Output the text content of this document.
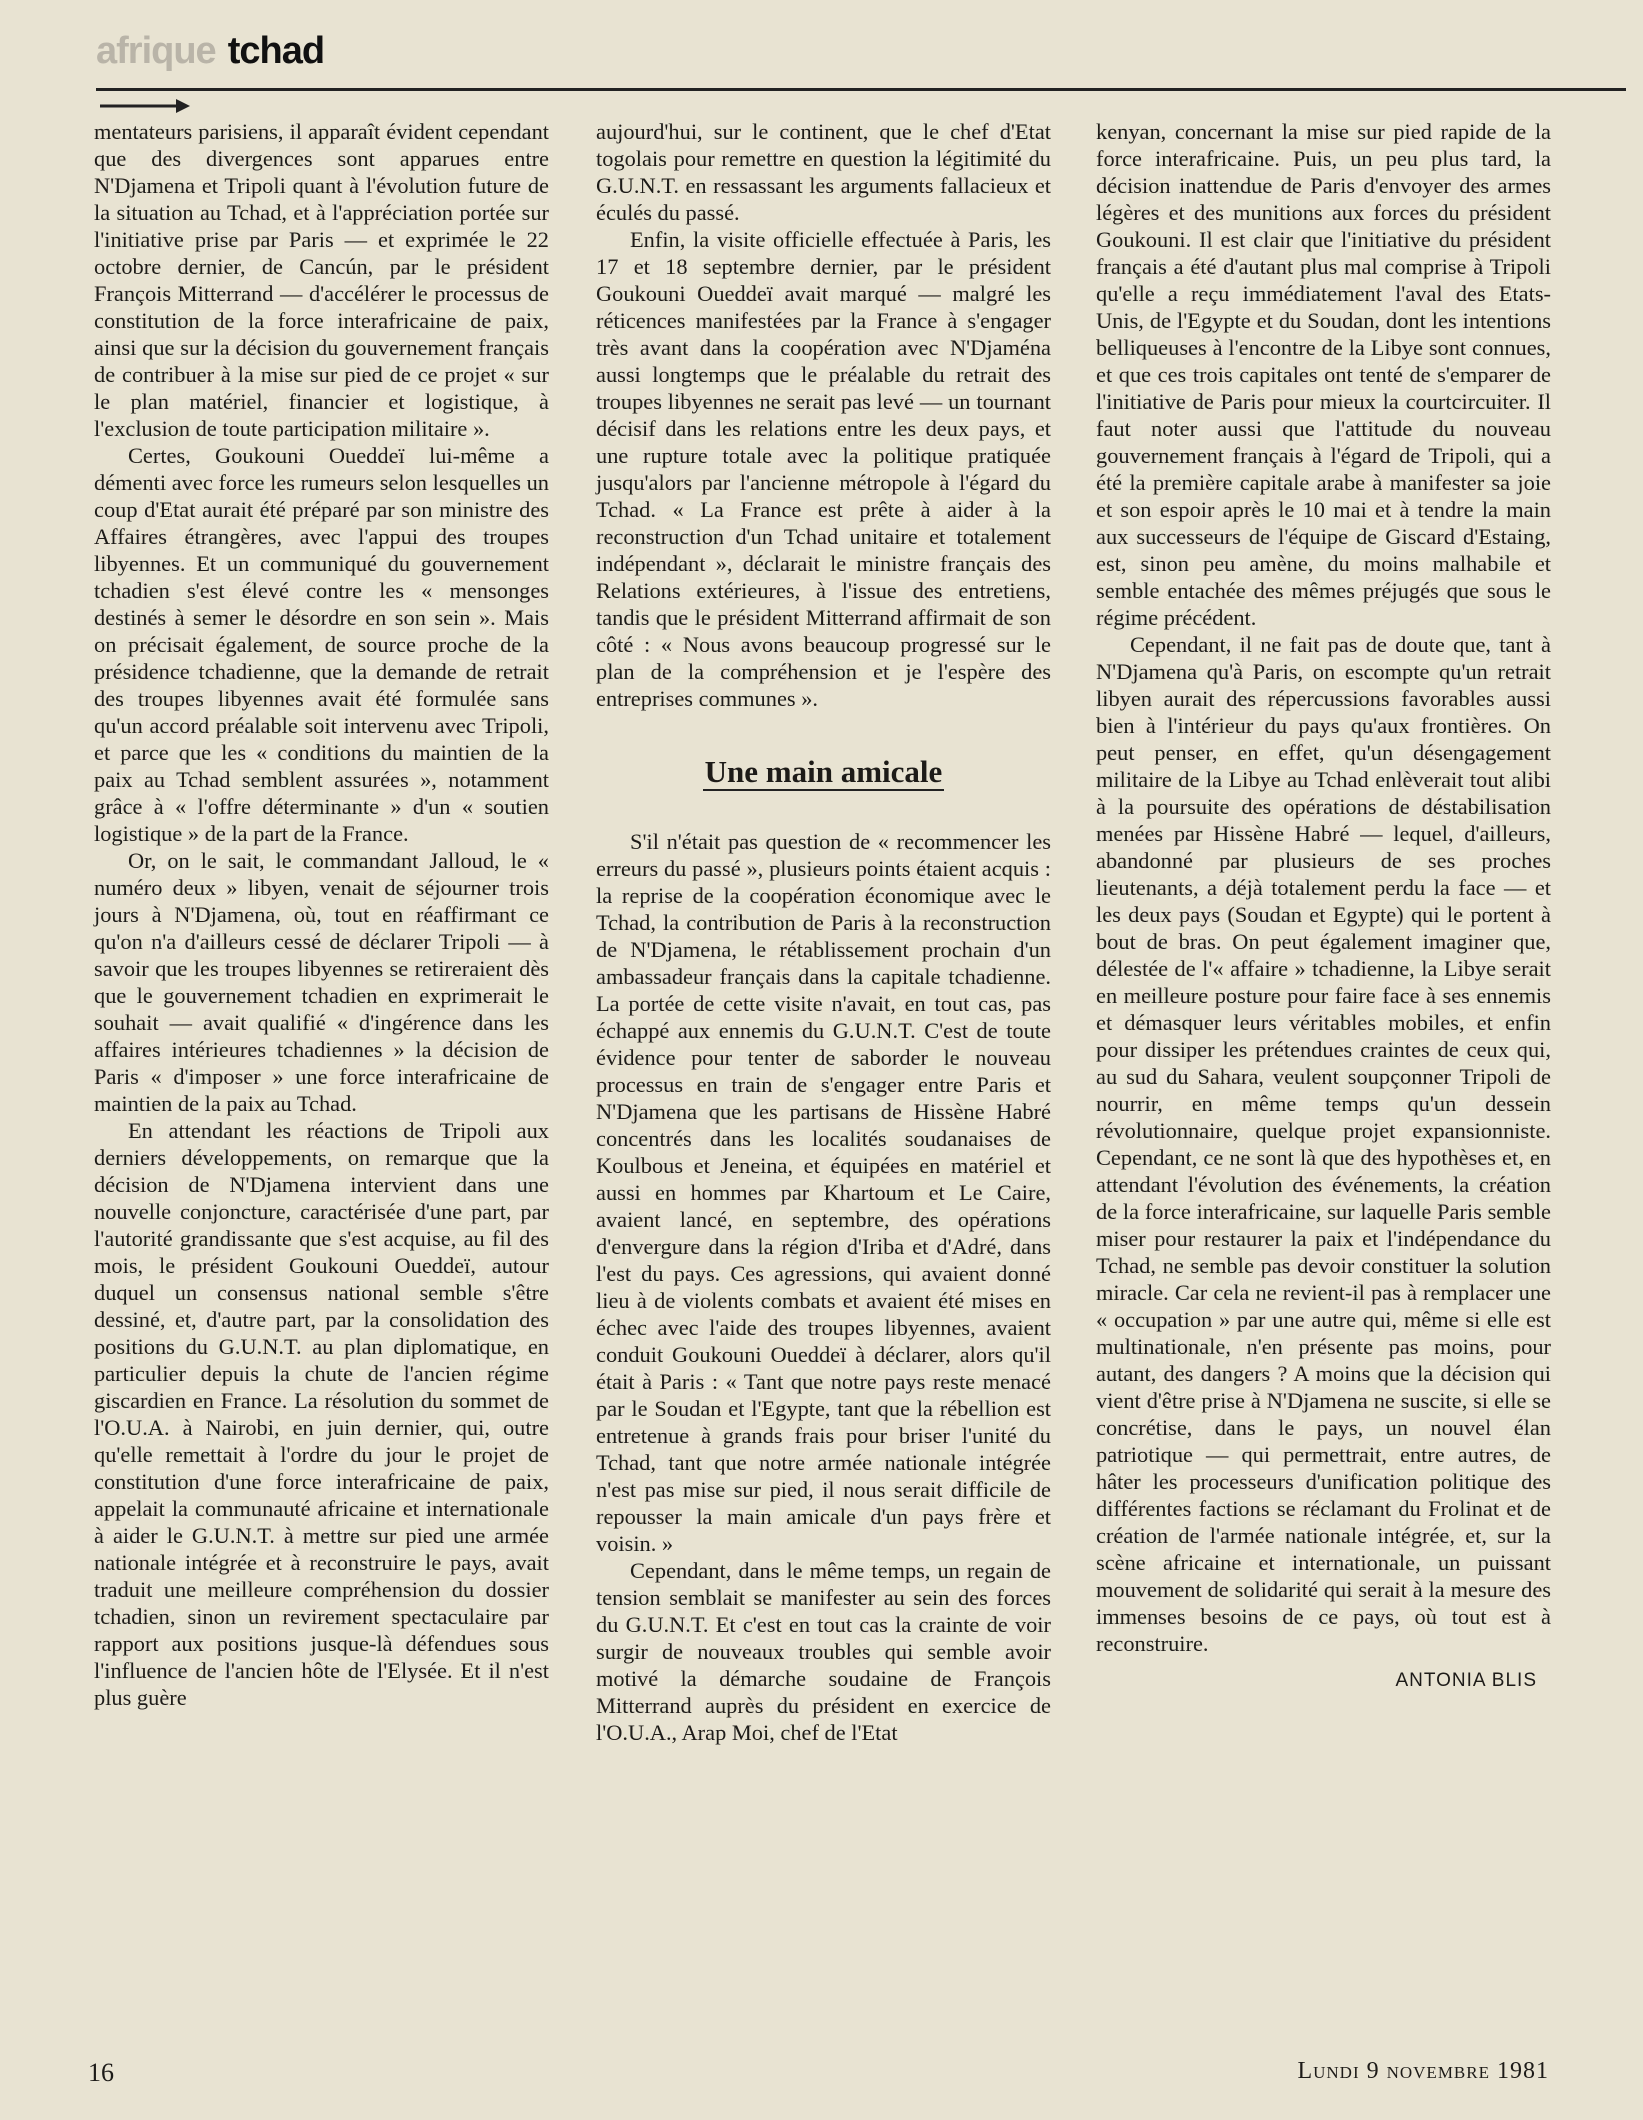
afrique tchad

mentateurs parisiens, il apparaît évident cependant que des divergences sont apparues entre N'Djamena et Tripoli quant à l'évolution future de la situation au Tchad, et à l'appréciation portée sur l'initiative prise par Paris — et exprimée le 22 octobre dernier, de Cancún, par le président François Mitterrand — d'accélérer le processus de constitution de la force interafricaine de paix, ainsi que sur la décision du gouvernement français de contribuer à la mise sur pied de ce projet « sur le plan matériel, financier et logistique, à l'exclusion de toute participation militaire ».

Certes, Goukouni Oueddeï lui-même a démenti avec force les rumeurs selon lesquelles un coup d'Etat aurait été préparé par son ministre des Affaires étrangères, avec l'appui des troupes libyennes. Et un communiqué du gouvernement tchadien s'est élevé contre les « mensonges destinés à semer le désordre en son sein ». Mais on précisait également, de source proche de la présidence tchadienne, que la demande de retrait des troupes libyennes avait été formulée sans qu'un accord préalable soit intervenu avec Tripoli, et parce que les « conditions du maintien de la paix au Tchad semblent assurées », notamment grâce à « l'offre déterminante » d'un « soutien logistique » de la part de la France.

Or, on le sait, le commandant Jalloud, le « numéro deux » libyen, venait de séjourner trois jours à N'Djamena, où, tout en réaffirmant ce qu'on n'a d'ailleurs cessé de déclarer Tripoli — à savoir que les troupes libyennes se retireraient dès que le gouvernement tchadien en exprimerait le souhait — avait qualifié « d'ingérence dans les affaires intérieures tchadiennes » la décision de Paris « d'imposer » une force interafricaine de maintien de la paix au Tchad.

En attendant les réactions de Tripoli aux derniers développements, on remarque que la décision de N'Djamena intervient dans une nouvelle conjoncture, caractérisée d'une part, par l'autorité grandissante que s'est acquise, au fil des mois, le président Goukouni Oueddeï, autour duquel un consensus national semble s'être dessiné, et, d'autre part, par la consolidation des positions du G.U.N.T. au plan diplomatique, en particulier depuis la chute de l'ancien régime giscardien en France. La résolution du sommet de l'O.U.A. à Nairobi, en juin dernier, qui, outre qu'elle remettait à l'ordre du jour le projet de constitution d'une force interafricaine de paix, appelait la communauté africaine et internationale à aider le G.U.N.T. à mettre sur pied une armée nationale intégrée et à reconstruire le pays, avait traduit une meilleure compréhension du dossier tchadien, sinon un revirement spectaculaire par rapport aux positions jusque-là défendues sous l'influence de l'ancien hôte de l'Elysée. Et il n'est plus guère

aujourd'hui, sur le continent, que le chef d'Etat togolais pour remettre en question la légitimité du G.U.N.T. en ressassant les arguments fallacieux et éculés du passé.

Enfin, la visite officielle effectuée à Paris, les 17 et 18 septembre dernier, par le président Goukouni Oueddeï avait marqué — malgré les réticences manifestées par la France à s'engager très avant dans la coopération avec N'Djaména aussi longtemps que le préalable du retrait des troupes libyennes ne serait pas levé — un tournant décisif dans les relations entre les deux pays, et une rupture totale avec la politique pratiquée jusqu'alors par l'ancienne métropole à l'égard du Tchad. « La France est prête à aider à la reconstruction d'un Tchad unitaire et totalement indépendant », déclarait le ministre français des Relations extérieures, à l'issue des entretiens, tandis que le président Mitterrand affirmait de son côté : « Nous avons beaucoup progressé sur le plan de la compréhension et je l'espère des entreprises communes ».

Une main amicale

S'il n'était pas question de « recommencer les erreurs du passé », plusieurs points étaient acquis : la reprise de la coopération économique avec le Tchad, la contribution de Paris à la reconstruction de N'Djamena, le rétablissement prochain d'un ambassadeur français dans la capitale tchadienne. La portée de cette visite n'avait, en tout cas, pas échappé aux ennemis du G.U.N.T. C'est de toute évidence pour tenter de saborder le nouveau processus en train de s'engager entre Paris et N'Djamena que les partisans de Hissène Habré concentrés dans les localités soudanaises de Koulbous et Jeneina, et équipées en matériel et aussi en hommes par Khartoum et Le Caire, avaient lancé, en septembre, des opérations d'envergure dans la région d'Iriba et d'Adré, dans l'est du pays. Ces agressions, qui avaient donné lieu à de violents combats et avaient été mises en échec avec l'aide des troupes libyennes, avaient conduit Goukouni Oueddeï à déclarer, alors qu'il était à Paris : « Tant que notre pays reste menacé par le Soudan et l'Egypte, tant que la rébellion est entretenue à grands frais pour briser l'unité du Tchad, tant que notre armée nationale intégrée n'est pas mise sur pied, il nous serait difficile de repousser la main amicale d'un pays frère et voisin. »

Cependant, dans le même temps, un regain de tension semblait se manifester au sein des forces du G.U.N.T. Et c'est en tout cas la crainte de voir surgir de nouveaux troubles qui semble avoir motivé la démarche soudaine de François Mitterrand auprès du président en exercice de l'O.U.A., Arap Moi, chef de l'Etat

kenyan, concernant la mise sur pied rapide de la force interafricaine. Puis, un peu plus tard, la décision inattendue de Paris d'envoyer des armes légères et des munitions aux forces du président Goukouni. Il est clair que l'initiative du président français a été d'autant plus mal comprise à Tripoli qu'elle a reçu immédiatement l'aval des Etats-Unis, de l'Egypte et du Soudan, dont les intentions belliqueuses à l'encontre de la Libye sont connues, et que ces trois capitales ont tenté de s'emparer de l'initiative de Paris pour mieux la courtcircuiter. Il faut noter aussi que l'attitude du nouveau gouvernement français à l'égard de Tripoli, qui a été la première capitale arabe à manifester sa joie et son espoir après le 10 mai et à tendre la main aux successeurs de l'équipe de Giscard d'Estaing, est, sinon peu amène, du moins malhabile et semble entachée des mêmes préjugés que sous le régime précédent.

Cependant, il ne fait pas de doute que, tant à N'Djamena qu'à Paris, on escompte qu'un retrait libyen aurait des répercussions favorables aussi bien à l'intérieur du pays qu'aux frontières. On peut penser, en effet, qu'un désengagement militaire de la Libye au Tchad enlèverait tout alibi à la poursuite des opérations de déstabilisation menées par Hissène Habré — lequel, d'ailleurs, abandonné par plusieurs de ses proches lieutenants, a déjà totalement perdu la face — et les deux pays (Soudan et Egypte) qui le portent à bout de bras. On peut également imaginer que, délestée de l'« affaire » tchadienne, la Libye serait en meilleure posture pour faire face à ses ennemis et démasquer leurs véritables mobiles, et enfin pour dissiper les prétendues craintes de ceux qui, au sud du Sahara, veulent soupçonner Tripoli de nourrir, en même temps qu'un dessein révolutionnaire, quelque projet expansionniste. Cependant, ce ne sont là que des hypothèses et, en attendant l'évolution des événements, la création de la force interafricaine, sur laquelle Paris semble miser pour restaurer la paix et l'indépendance du Tchad, ne semble pas devoir constituer la solution miracle. Car cela ne revient-il pas à remplacer une « occupation » par une autre qui, même si elle est multinationale, n'en présente pas moins, pour autant, des dangers ? A moins que la décision qui vient d'être prise à N'Djamena ne suscite, si elle se concrétise, dans le pays, un nouvel élan patriotique — qui permettrait, entre autres, de hâter les processeurs d'unification politique des différentes factions se réclamant du Frolinat et de création de l'armée nationale intégrée, et, sur la scène africaine et internationale, un puissant mouvement de solidarité qui serait à la mesure des immenses besoins de ce pays, où tout est à reconstruire.

ANTONIA BLIS
16	Lundi 9 novembre 1981
